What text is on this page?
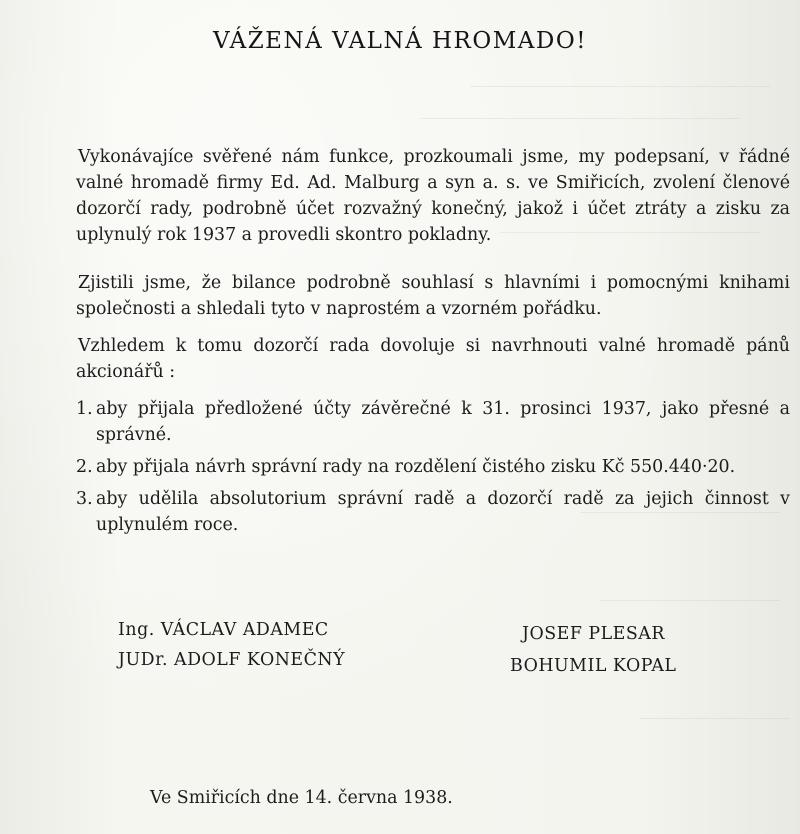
VÁŽENÁ VALNÁ HROMADO!

Vykonávajíce svěřené nám funkce, prozkoumali jsme, my podepsaní, v řádné valné hromadě firmy Ed. Ad. Malburg a syn a. s. ve Smiřicích, zvolení členové dozorčí rady, podrobně účet rozvažný konečný, jakož i účet ztráty a zisku za uplynulý rok 1937 a provedli skontro pokladny.

Zjistili jsme, že bilance podrobně souhlasí s hlavními i pomocnými knihami společnosti a shledali tyto v naprostém a vzorném pořádku.

Vzhledem k tomu dozorčí rada dovoluje si navrhnouti valné hromadě pánů akcionářů :

1. aby přijala předložené účty závěrečné k 31. prosinci 1937, jako přesné a správné.
2. aby přijala návrh správní rady na rozdělení čistého zisku Kč 550.440·20.
3. aby udělila absolutorium správní radě a dozorčí radě za jejich činnost v uplynulém roce.
Ing. VÁCLAV ADAMEC
JUDr. ADOLF KONEČNÝ
JOSEF PLESAR
BOHUMIL KOPAL
Ve Smiřicích dne 14. června 1938.
